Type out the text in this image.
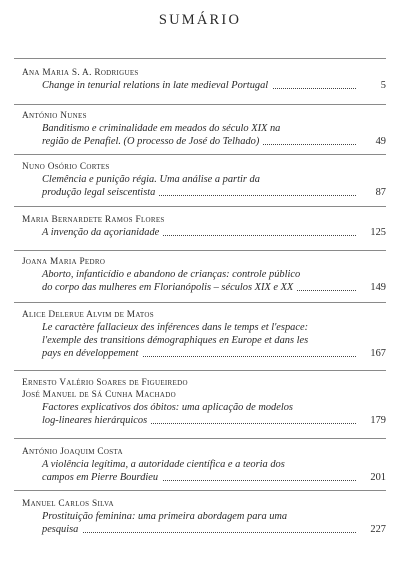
SUMÁRIO
Ana Maria S. A. Rodrigues
Change in tenurial relations in late medieval Portugal	5
António Nunes
Banditismo e criminalidade em meados do século XIX na
região de Penafiel. (O processo de José do Telhado)	49
Nuno Osório Cortes
Clemência e punição régia. Uma análise a partir da
produção legal seiscentista	87
Maria Bernardete Ramos Flores
A invenção da açorianidade	125
Joana Maria Pedro
Aborto, infanticídio e abandono de crianças: controle público
do corpo das mulheres em Florianópolis – séculos XIX e XX	149
Alice Delerue Alvim de Matos
Le caractère fallacieux des inférences dans le temps et l'espace:
l'exemple des transitions démographiques en Europe et dans les
pays en développement	167
Ernesto Valério Soares de Figueiredo
José Manuel de Sá Cunha Machado
Factores explicativos dos óbitos: uma aplicação de modelos
log-lineares hierárquicos	179
António Joaquim Costa
A violência legítima, a autoridade científica e a teoria dos
campos em Pierre Bourdieu	201
Manuel Carlos Silva
Prostituição feminina: uma primeira abordagem para uma
pesquisa	227
